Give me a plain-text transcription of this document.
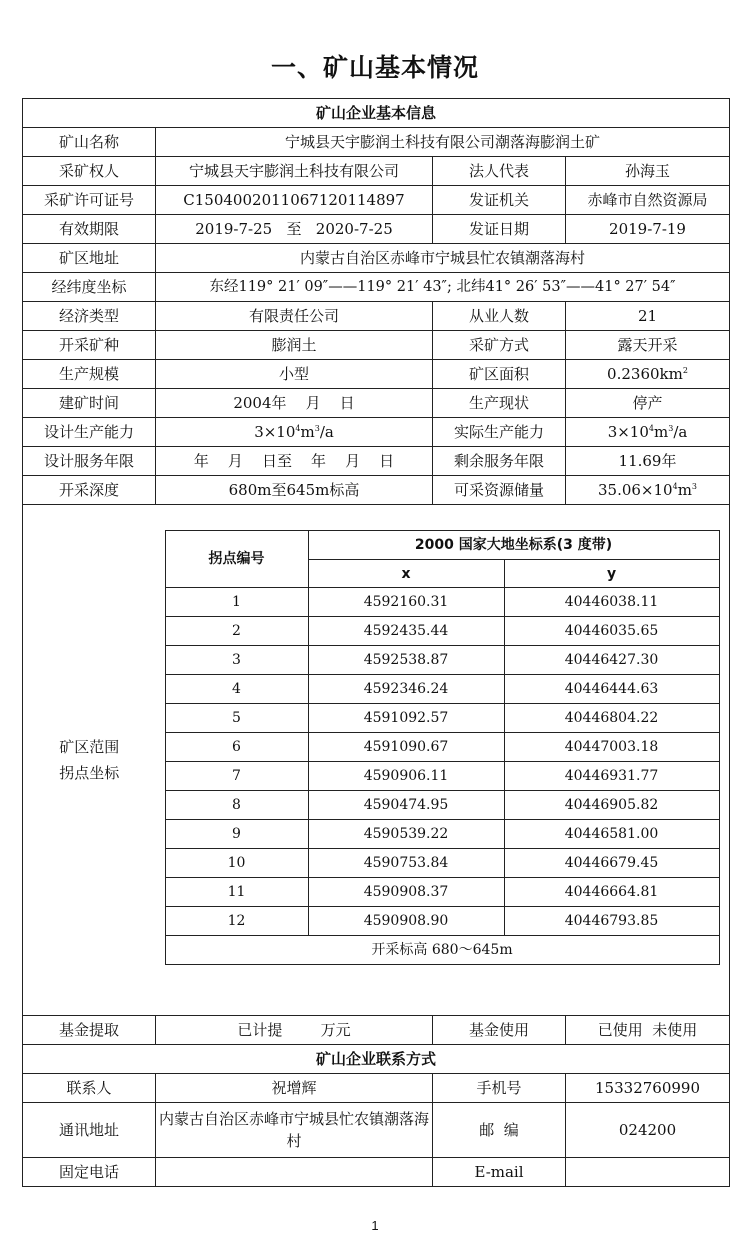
一、矿山基本情况
矿山企业基本信息
矿山名称	宁城县天宇膨润土科技有限公司潮落海膨润土矿
采矿权人	宁城县天宇膨润土科技有限公司	法人代表	孙海玉
采矿许可证号	C1504002011067120114897	发证机关	赤峰市自然资源局
有效期限	2019-7-25   至   2020-7-25	发证日期	2019-7-19
矿区地址	内蒙古自治区赤峰市宁城县忙农镇潮落海村
经纬度坐标	东经119° 21′ 09″——119° 21′ 43″; 北纬41° 26′ 53″——41° 27′ 54″
经济类型	有限责任公司	从业人数	21
开采矿种	膨润土	采矿方式	露天开采
生产规模	小型	矿区面积	$0.2360km^2$
建矿时间	2004年    月    日	生产现状	停产
设计生产能力	$3\times 10^4m^3/a$	实际生产能力	$3\times 10^4m^3/a$
设计服务年限	年    月    日至    年    月    日	剩余服务年限	11.69年
开采深度	680m至645m标高	可采资源储量	$35.06\times 10^4m^3$
矿区范围
拐点坐标	
拐点编号	2000 国家大地坐标系(3 度带)
x	y
1	4592160.31	40446038.11
2	4592435.44	40446035.65
3	4592538.87	40446427.30
4	4592346.24	40446444.63
5	4591092.57	40446804.22
6	4591090.67	40447003.18
7	4590906.11	40446931.77
8	4590474.95	40446905.82
9	4590539.22	40446581.00
10	4590753.84	40446679.45
11	4590908.37	40446664.81
12	4590908.90	40446793.85
开采标高 680～645m

基金提取	已计提        万元	基金使用	已使用  未使用
矿山企业联系方式
联系人	祝增辉	手机号	15332760990
通讯地址	内蒙古自治区赤峰市宁城县忙农镇潮落海村	邮  编	024200
固定电话		E-mail	
1
